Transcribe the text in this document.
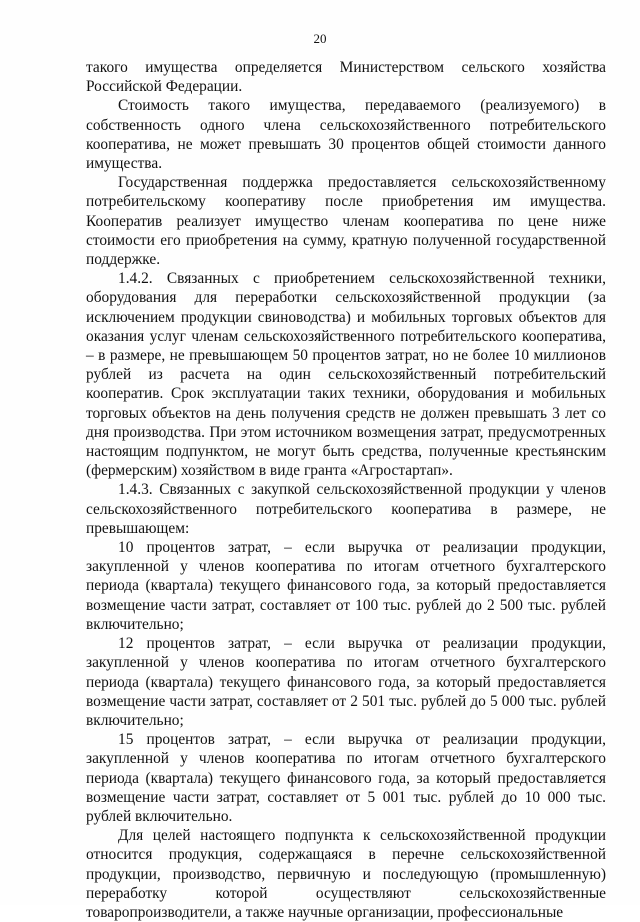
20

такого имущества определяется Министерством сельского хозяйства Российской Федерации.

Стоимость такого имущества, передаваемого (реализуемого) в собственность одного члена сельскохозяйственного потребительского кооператива, не может превышать 30 процентов общей стоимости данного имущества.

Государственная поддержка предоставляется сельскохозяйственному потребительскому кооперативу после приобретения им имущества. Кооператив реализует имущество членам кооператива по цене ниже стоимости его приобретения на сумму, кратную полученной государственной поддержке.

1.4.2. Связанных с приобретением сельскохозяйственной техники, оборудования для переработки сельскохозяйственной продукции (за исключением продукции свиноводства) и мобильных торговых объектов для оказания услуг членам сельскохозяйственного потребительского кооператива, – в размере, не превышающем 50 процентов затрат, но не более 10 миллионов рублей из расчета на один сельскохозяйственный потребительский кооператив. Срок эксплуатации таких техники, оборудования и мобильных торговых объектов на день получения средств не должен превышать 3 лет со дня производства. При этом источником возмещения затрат, предусмотренных настоящим подпунктом, не могут быть средства, полученные крестьянским (фермерским) хозяйством в виде гранта «Агростартап».

1.4.3. Связанных с закупкой сельскохозяйственной продукции у членов сельскохозяйственного потребительского кооператива в размере, не превышающем:

10 процентов затрат, – если выручка от реализации продукции, закупленной у членов кооператива по итогам отчетного бухгалтерского периода (квартала) текущего финансового года, за который предоставляется возмещение части затрат, составляет от 100 тыс. рублей до 2 500 тыс. рублей включительно;

12 процентов затрат, – если выручка от реализации продукции, закупленной у членов кооператива по итогам отчетного бухгалтерского периода (квартала) текущего финансового года, за который предоставляется возмещение части затрат, составляет от 2 501 тыс. рублей до 5 000 тыс. рублей включительно;

15 процентов затрат, – если выручка от реализации продукции, закупленной у членов кооператива по итогам отчетного бухгалтерского периода (квартала) текущего финансового года, за который предоставляется возмещение части затрат, составляет от 5 001 тыс. рублей до 10 000 тыс. рублей включительно.

Для целей настоящего подпункта к сельскохозяйственной продукции относится продукция, содержащаяся в перечне сельскохозяйственной продукции, производство, первичную и последующую (промышленную) переработку которой осуществляют сельскохозяйственные товаропроизводители, а также научные организации, профессиональные
